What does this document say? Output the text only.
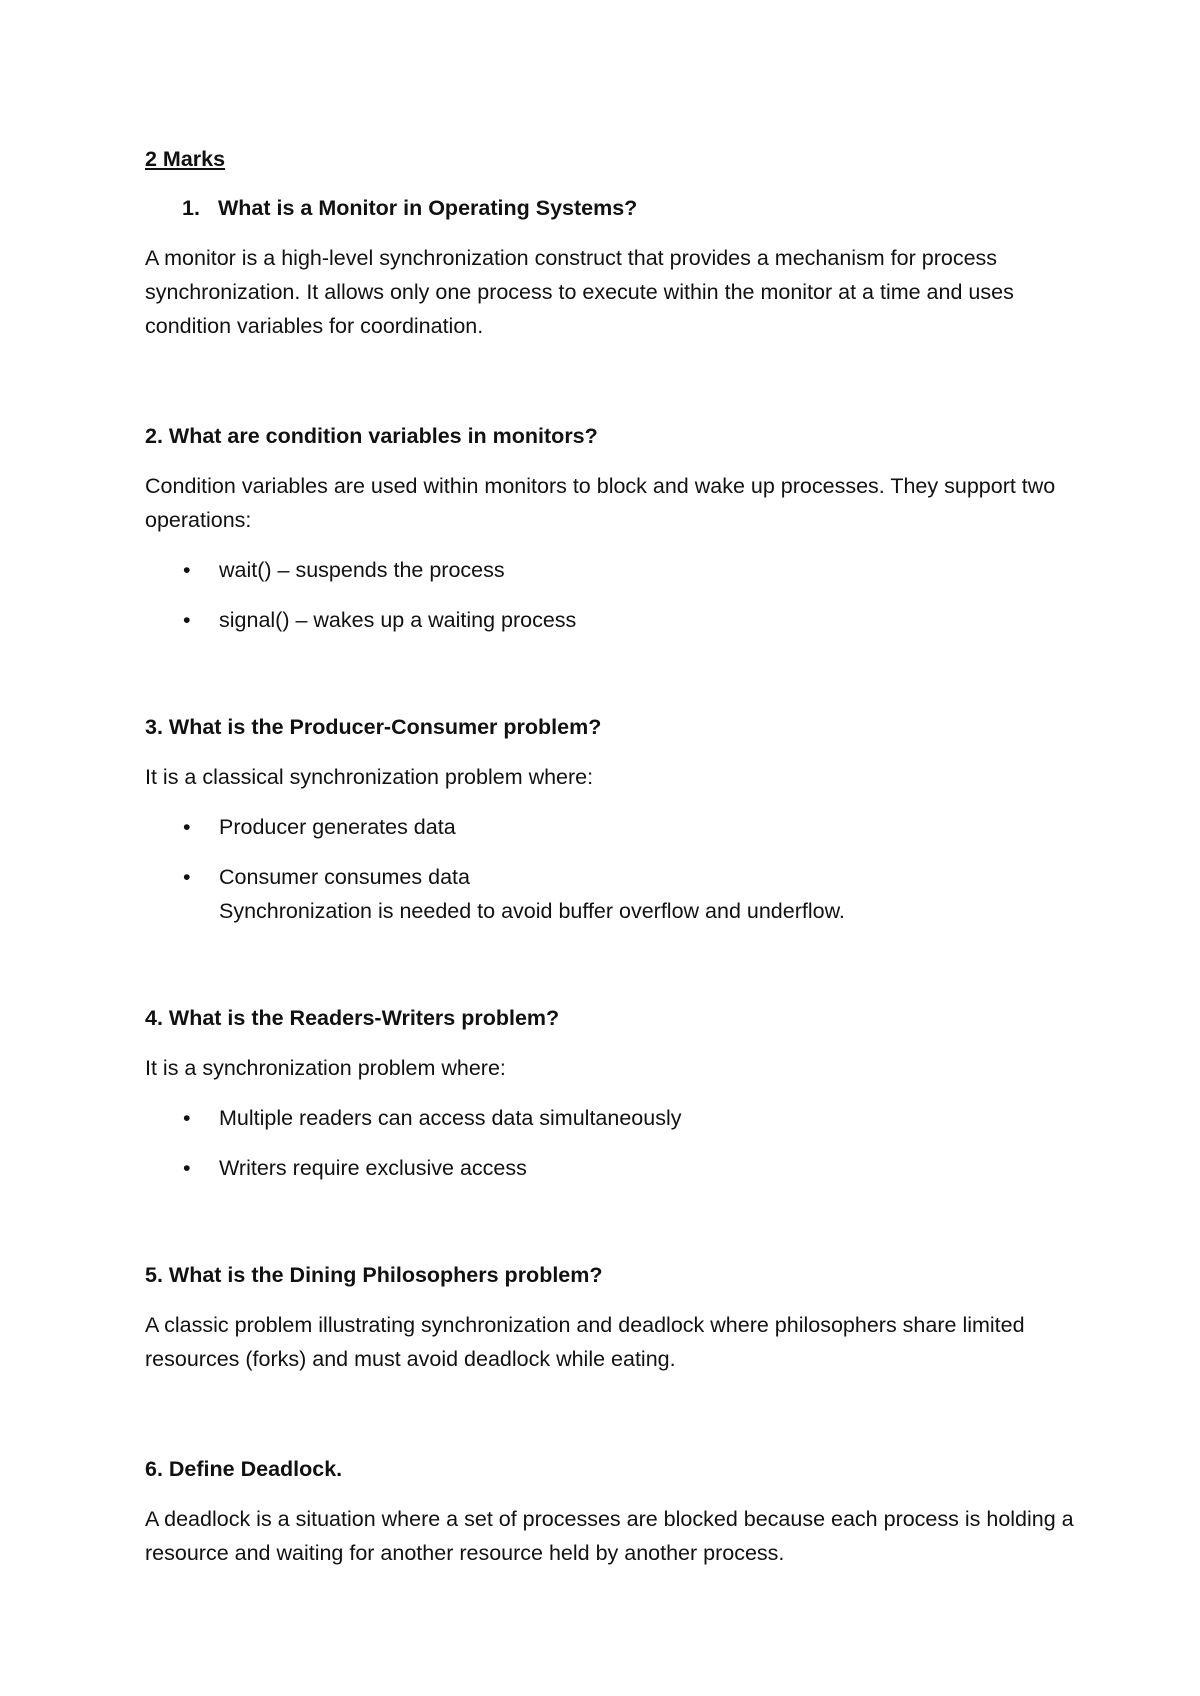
2 Marks
1. What is a Monitor in Operating Systems?

A monitor is a high-level synchronization construct that provides a mechanism for process synchronization. It allows only one process to execute within the monitor at a time and uses condition variables for coordination.

2. What are condition variables in monitors?

Condition variables are used within monitors to block and wake up processes. They support two operations:

• wait() – suspends the process
• signal() – wakes up a waiting process
3. What is the Producer-Consumer problem?

It is a classical synchronization problem where:

• Producer generates data
• Consumer consumes data
Synchronization is needed to avoid buffer overflow and underflow.
4. What is the Readers-Writers problem?

It is a synchronization problem where:

• Multiple readers can access data simultaneously
• Writers require exclusive access
5. What is the Dining Philosophers problem?

A classic problem illustrating synchronization and deadlock where philosophers share limited resources (forks) and must avoid deadlock while eating.

6. Define Deadlock.

A deadlock is a situation where a set of processes are blocked because each process is holding a resource and waiting for another resource held by another process.
